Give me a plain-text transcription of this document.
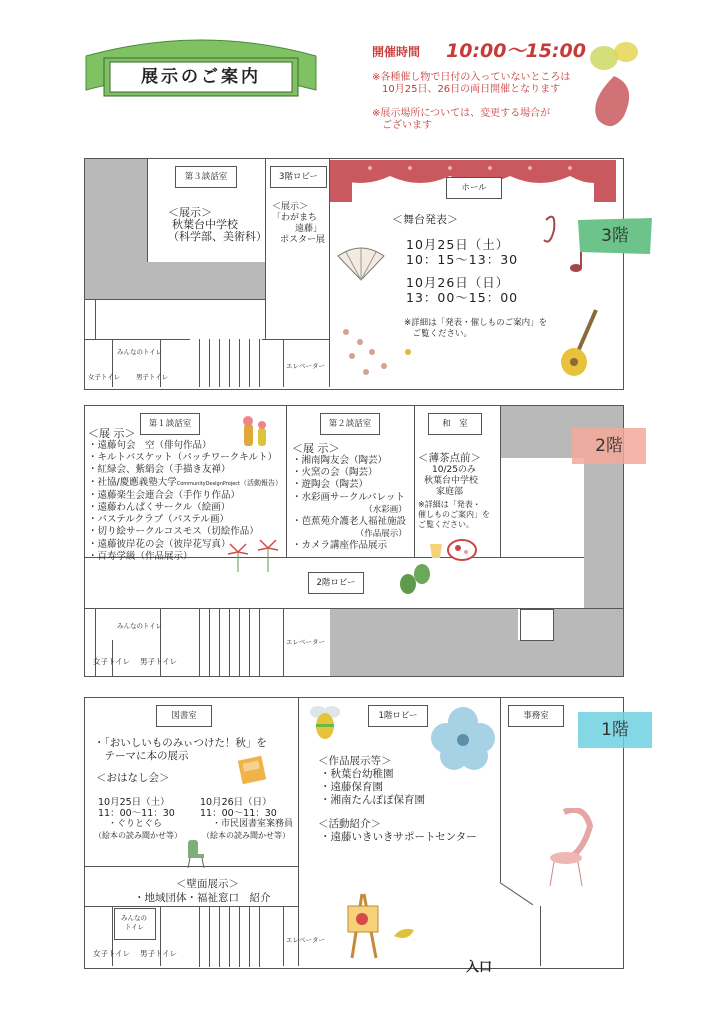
展示のご案内
開催時間 10:00〜15:00
※各種催し物で日付の入っていないところは
　10月25日、26日の両日開催となります
※展示場所については、変更する場合が
　ございます
第３談話室
＜展示＞
秋葉台中学校
（科学部、美術科）
3階ロビー
＜展示＞
「わがまち
　遠藤」
ポスター展
ホール
＜舞台発表＞
10月25日（土）
10：15〜13：30
10月26日（日）
13：00〜15：00
※詳細は「発表・催しものご案内」を
　ご覧ください。
3階
みんなのトイレ
女子トイレ 男子トイレ
エレベーター
第１談話室
＜展 示＞
・遠藤句会　空（俳句作品）
・キルトバスケット（パッチワークキルト）
・紅緑会、紫絹会（手描き友禅）
・社協/慶應義塾大学CommunityDesignProject（活動報告）
・遠藤楽生会連合会（手作り作品）
・遠藤わんぱくサークル（絵画）
・パステルクラブ（パステル画）
・切り絵サークルコスモス（切絵作品）
・遠藤彼岸花の会（彼岸花写真）
・百寿学級（作品展示）
第２談話室
＜展 示＞
・湘南陶友会（陶芸）
・火窯の会（陶芸）
・遊陶会（陶芸）
・水彩画サークルパレット
　　　　　　　　　（水彩画）
・芭蕉苑介護老人福祉施設
　　　　　　　　（作品展示）
・カメラ講座作品展示
和　室
＜薄茶点前＞
10/25のみ
秋葉台中学校
家庭部
※詳細は「発表・
催しものご案内」を
ご覧ください。
2階ロビー
2階
みんなのトイレ
女子トイレ 男子トイレ
エレベーター
図書室
・「おいしいものみぃつけた！秋」を
　テーマに本の展示
＜おはなし会＞
10月25日（土）
11：00〜11：30
・ぐりとぐら
（絵本の読み聞かせ等）
10月26日（日）
11：00〜11：30
・市民図書室案務員
（絵本の読み聞かせ等）
＜壁面展示＞
・地域団体・福祉窓口　紹介
1階ロビー
＜作品展示等＞
・秋葉台幼稚園
・遠藤保育園
・湘南たんぽぽ保育園
＜活動紹介＞
・遠藤いきいきサポートセンター
事務室
1階
入口
みんなの
トイレ
女子トイレ 男子トイレ
エレベーター
